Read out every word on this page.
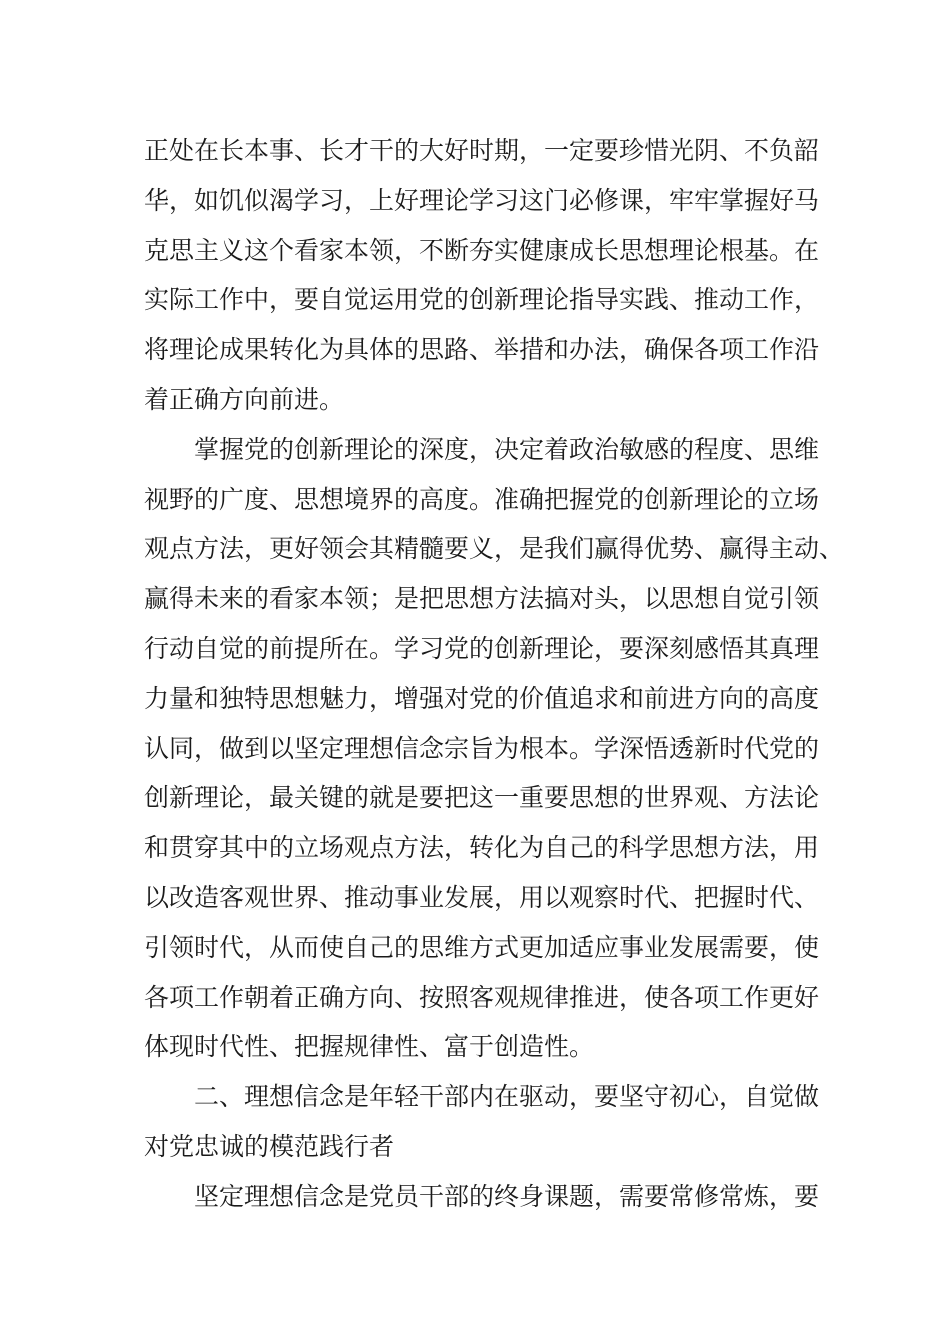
正处在长本事、长才干的大好时期，一定要珍惜光阴、不负韶
华，如饥似渴学习，上好理论学习这门必修课，牢牢掌握好马
克思主义这个看家本领，不断夯实健康成长思想理论根基。在
实际工作中，要自觉运用党的创新理论指导实践、推动工作，
将理论成果转化为具体的思路、举措和办法，确保各项工作沿
着正确方向前进。
掌握党的创新理论的深度，决定着政治敏感的程度、思维
视野的广度、思想境界的高度。准确把握党的创新理论的立场
观点方法，更好领会其精髓要义，是我们赢得优势、赢得主动、
赢得未来的看家本领；是把思想方法搞对头，以思想自觉引领
行动自觉的前提所在。学习党的创新理论，要深刻感悟其真理
力量和独特思想魅力，增强对党的价值追求和前进方向的高度
认同，做到以坚定理想信念宗旨为根本。学深悟透新时代党的
创新理论，最关键的就是要把这一重要思想的世界观、方法论
和贯穿其中的立场观点方法，转化为自己的科学思想方法，用
以改造客观世界、推动事业发展，用以观察时代、把握时代、
引领时代，从而使自己的思维方式更加适应事业发展需要，使
各项工作朝着正确方向、按照客观规律推进，使各项工作更好
体现时代性、把握规律性、富于创造性。
二、理想信念是年轻干部内在驱动，要坚守初心，自觉做
对党忠诚的模范践行者
坚定理想信念是党员干部的终身课题，需要常修常炼，要
